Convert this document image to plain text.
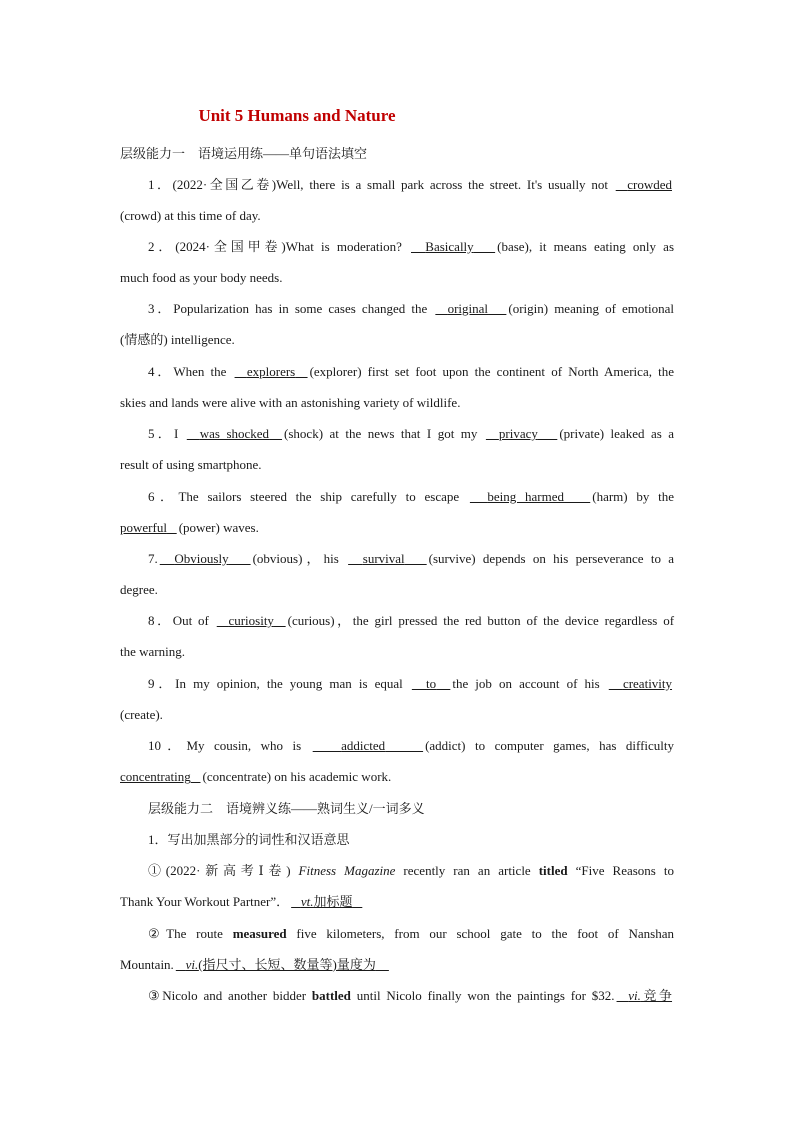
Unit 5 Humans and Nature
层级能力一　语境运用练——单句语法填空
1．(2022·全国乙卷)Well, there is a small park across the street. It's usually not crowded
(crowd) at this time of day.
2．(2024·全国甲卷)What is moderation? Basically (base), it means eating only as
much food as your body needs.
3．Popularization has in some cases changed the original (origin) meaning of emotional
(情感的) intelligence.
4．When the explorers (explorer) first set foot upon the continent of North America, the
skies and lands were alive with an astonishing variety of wildlife.
5．I was shocked (shock) at the news that I got my privacy (private) leaked as a
result of using smartphone.
6．The sailors steered the ship carefully to escape being harmed (harm) by the
powerful (power) waves.
7. Obviously (obvious)，his survival (survive) depends on his perseverance to a
degree.
8．Out of curiosity (curious)，the girl pressed the red button of the device regardless of
the warning.
9．In my opinion, the young man is equal to the job on account of his creativity
(create).
10．My cousin, who is	addicted	(addict) to computer games, has difficulty
concentrating (concentrate) on his academic work.
层级能力二　语境辨义练——熟词生义/一词多义
1．写出加黑部分的词性和汉语意思
①(2022·新高考Ⅰ卷) Fitness Magazine recently ran an article titled “Five Reasons to
Thank Your Workout Partner”． vt.加标题
②The route measured five kilometers, from our school gate to the foot of Nanshan
Mountain. vi.(指尺寸、长短、数量等)量度为
③Nicolo and another bidder battled until Nicolo finally won the paintings for $32. vi.竞争
